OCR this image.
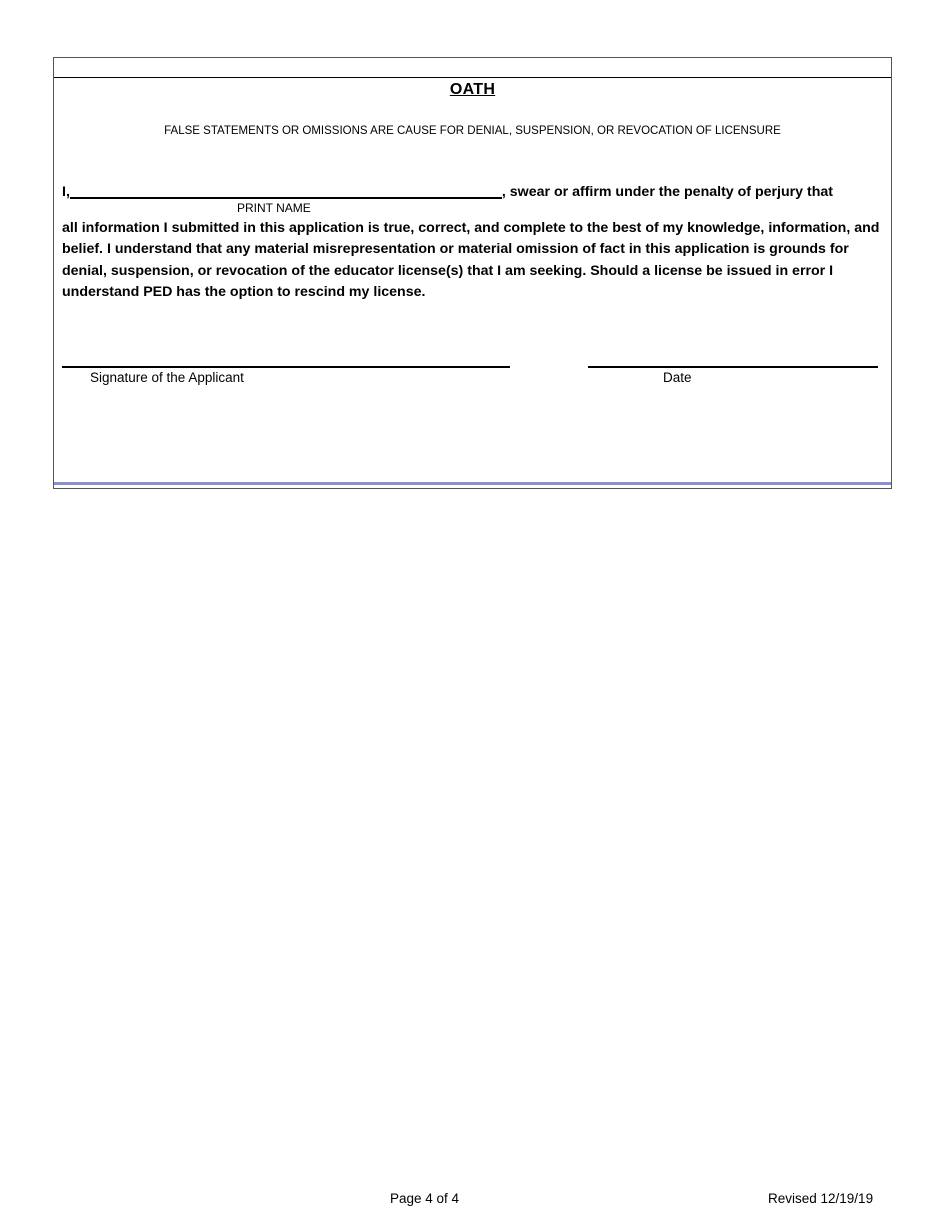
OATH
FALSE STATEMENTS OR OMISSIONS ARE CAUSE FOR DENIAL, SUSPENSION, OR REVOCATION OF LICENSURE
I,	, swear or affirm under the penalty of perjury that
PRINT NAME
all information I submitted in this application is true, correct, and complete to the best of my knowledge, information, and belief. I understand that any material misrepresentation or material omission of fact in this application is grounds for denial, suspension, or revocation of the educator license(s) that I am seeking. Should a license be issued in error I understand PED has the option to rescind my license.
Signature of the Applicant	Date
Page 4 of 4	Revised 12/19/19
